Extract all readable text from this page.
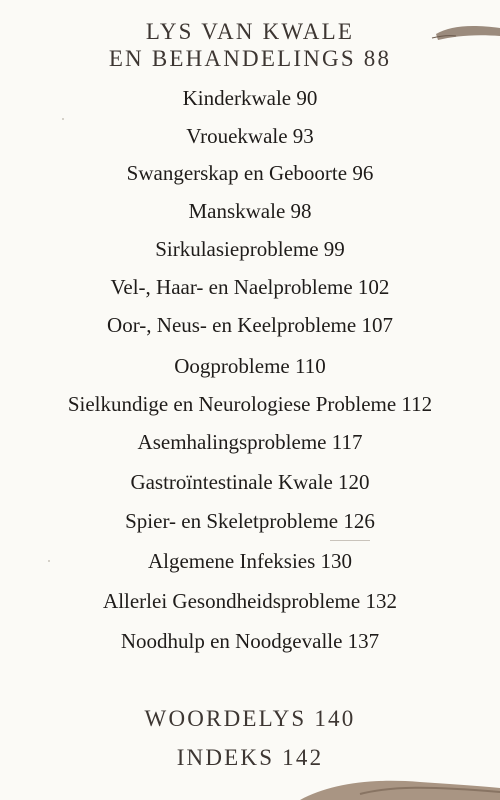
LYS VAN KWALE
EN BEHANDELINGS 88
Kinderkwale 90
Vrouekwale 93
Swangerskap en Geboorte 96
Manskwale 98
Sirkulasieprobleme 99
Vel-, Haar- en Naelprobleme 102
Oor-, Neus- en Keelprobleme 107
Oogprobleme 110
Sielkundige en Neurologiese Probleme 112
Asemhalingsprobleme 117
Gastroïntestinale Kwale 120
Spier- en Skeletprobleme 126
Algemene Infeksies 130
Allerlei Gesondheidsprobleme 132
Noodhulp en Noodgevalle 137
WOORDELYS 140
INDEKS 142
